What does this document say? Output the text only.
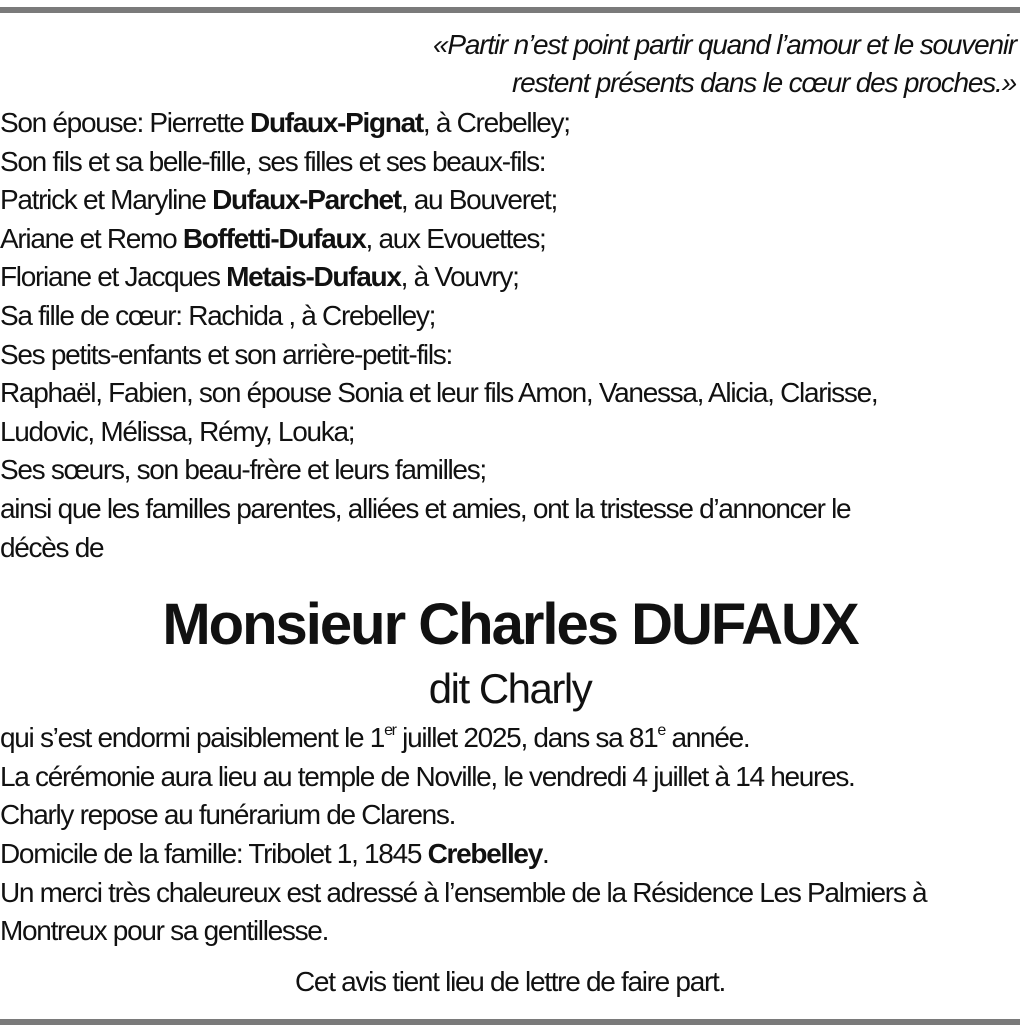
«Partir n’est point partir quand l’amour et le souvenir
restent présents dans le cœur des proches.»
Son épouse: Pierrette Dufaux-Pignat, à Crebelley;
Son fils et sa belle-fille, ses filles et ses beaux-fils:
Patrick et Maryline Dufaux-Parchet, au Bouveret;
Ariane et Remo Boffetti-Dufaux, aux Evouettes;
Floriane et Jacques Metais-Dufaux, à Vouvry;
Sa fille de cœur: Rachida , à Crebelley;
Ses petits-enfants et son arrière-petit-fils:
Raphaël, Fabien, son épouse Sonia et leur fils Amon, Vanessa, Alicia, Clarisse,
Ludovic, Mélissa, Rémy, Louka;
Ses sœurs, son beau-frère et leurs familles;
ainsi que les familles parentes, alliées et amies, ont la tristesse d’annoncer le
décès de
Monsieur Charles DUFAUX
dit Charly
qui s’est endormi paisiblement le 1er juillet 2025, dans sa 81e année.
La cérémonie aura lieu au temple de Noville, le vendredi 4 juillet à 14 heures.
Charly repose au funérarium de Clarens.
Domicile de la famille: Tribolet 1, 1845 Crebelley.
Un merci très chaleureux est adressé à l’ensemble de la Résidence Les Palmiers à
Montreux pour sa gentillesse.
Cet avis tient lieu de lettre de faire part.
